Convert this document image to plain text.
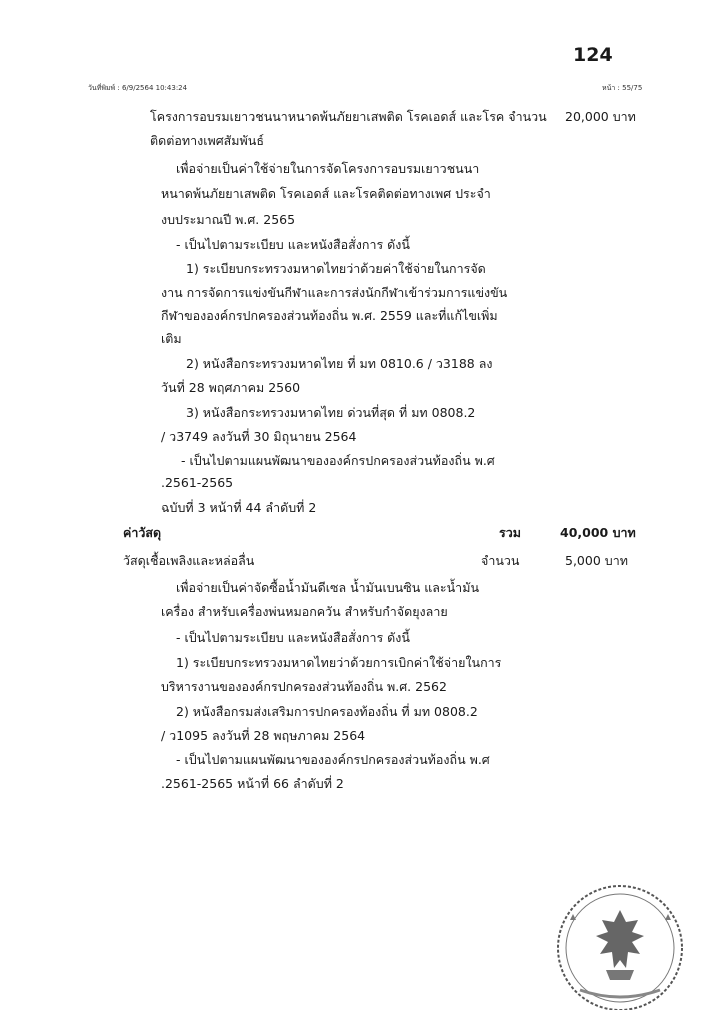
124
วันที่พิมพ์ : 6/9/2564 10:43:24	หน้า : 55/75
โครงการอบรมเยาวชนนาหนาดพ้นภัยยาเสพติด โรคเอดส์ และโรค จำนวน 20,000 บาท
ติดต่อทางเพศสัมพันธ์
เพื่อจ่ายเป็นค่าใช้จ่ายในการจัดโครงการอบรมเยาวชนนา
หนาดพ้นภัยยาเสพติด โรคเอดส์ และโรคติดต่อทางเพศ ประจำ
งบประมาณปี พ.ศ. 2565
- เป็นไปตามระเบียบ และหนังสือสั่งการ ดังนี้
1) ระเบียบกระทรวงมหาดไทยว่าด้วยค่าใช้จ่ายในการจัด
งาน การจัดการแข่งขันกีฬาและการส่งนักกีฬาเข้าร่วมการแข่งขัน
กีฬาขององค์กรปกครองส่วนท้องถิ่น พ.ศ. 2559 และที่แก้ไขเพิ่ม
เติม
2) หนังสือกระทรวงมหาดไทย ที่ มท 0810.6 / ว3188 ลง
วันที่ 28 พฤศภาคม 2560
3) หนังสือกระทรวงมหาดไทย ด่วนที่สุด ที่ มท 0808.2
/ ว3749 ลงวันที่ 30 มิถุนายน 2564
- เป็นไปตามแผนพัฒนาขององค์กรปกครองส่วนท้องถิ่น พ.ศ
.2561-2565
ฉบับที่ 3 หน้าที่ 44 ลำดับที่ 2
ค่าวัสดุ	รวม	40,000 บาท
วัสดุเชื้อเพลิงและหล่อลื่น	จำนวน	5,000 บาท
เพื่อจ่ายเป็นค่าจัดซื้อน้ำมันดีเซล น้ำมันเบนซิน และน้ำมัน
เครื่อง สำหรับเครื่องพ่นหมอกควัน สำหรับกำจัดยุงลาย
- เป็นไปตามระเบียบ และหนังสือสั่งการ ดังนี้
1) ระเบียบกระทรวงมหาดไทยว่าด้วยการเบิกค่าใช้จ่ายในการ
บริหารงานขององค์กรปกครองส่วนท้องถิ่น พ.ศ. 2562
2) หนังสือกรมส่งเสริมการปกครองท้องถิ่น ที่ มท 0808.2
/ ว1095 ลงวันที่ 28 พฤษภาคม 2564
- เป็นไปตามแผนพัฒนาขององค์กรปกครองส่วนท้องถิ่น พ.ศ
.2561-2565 หน้าที่ 66 ลำดับที่ 2
